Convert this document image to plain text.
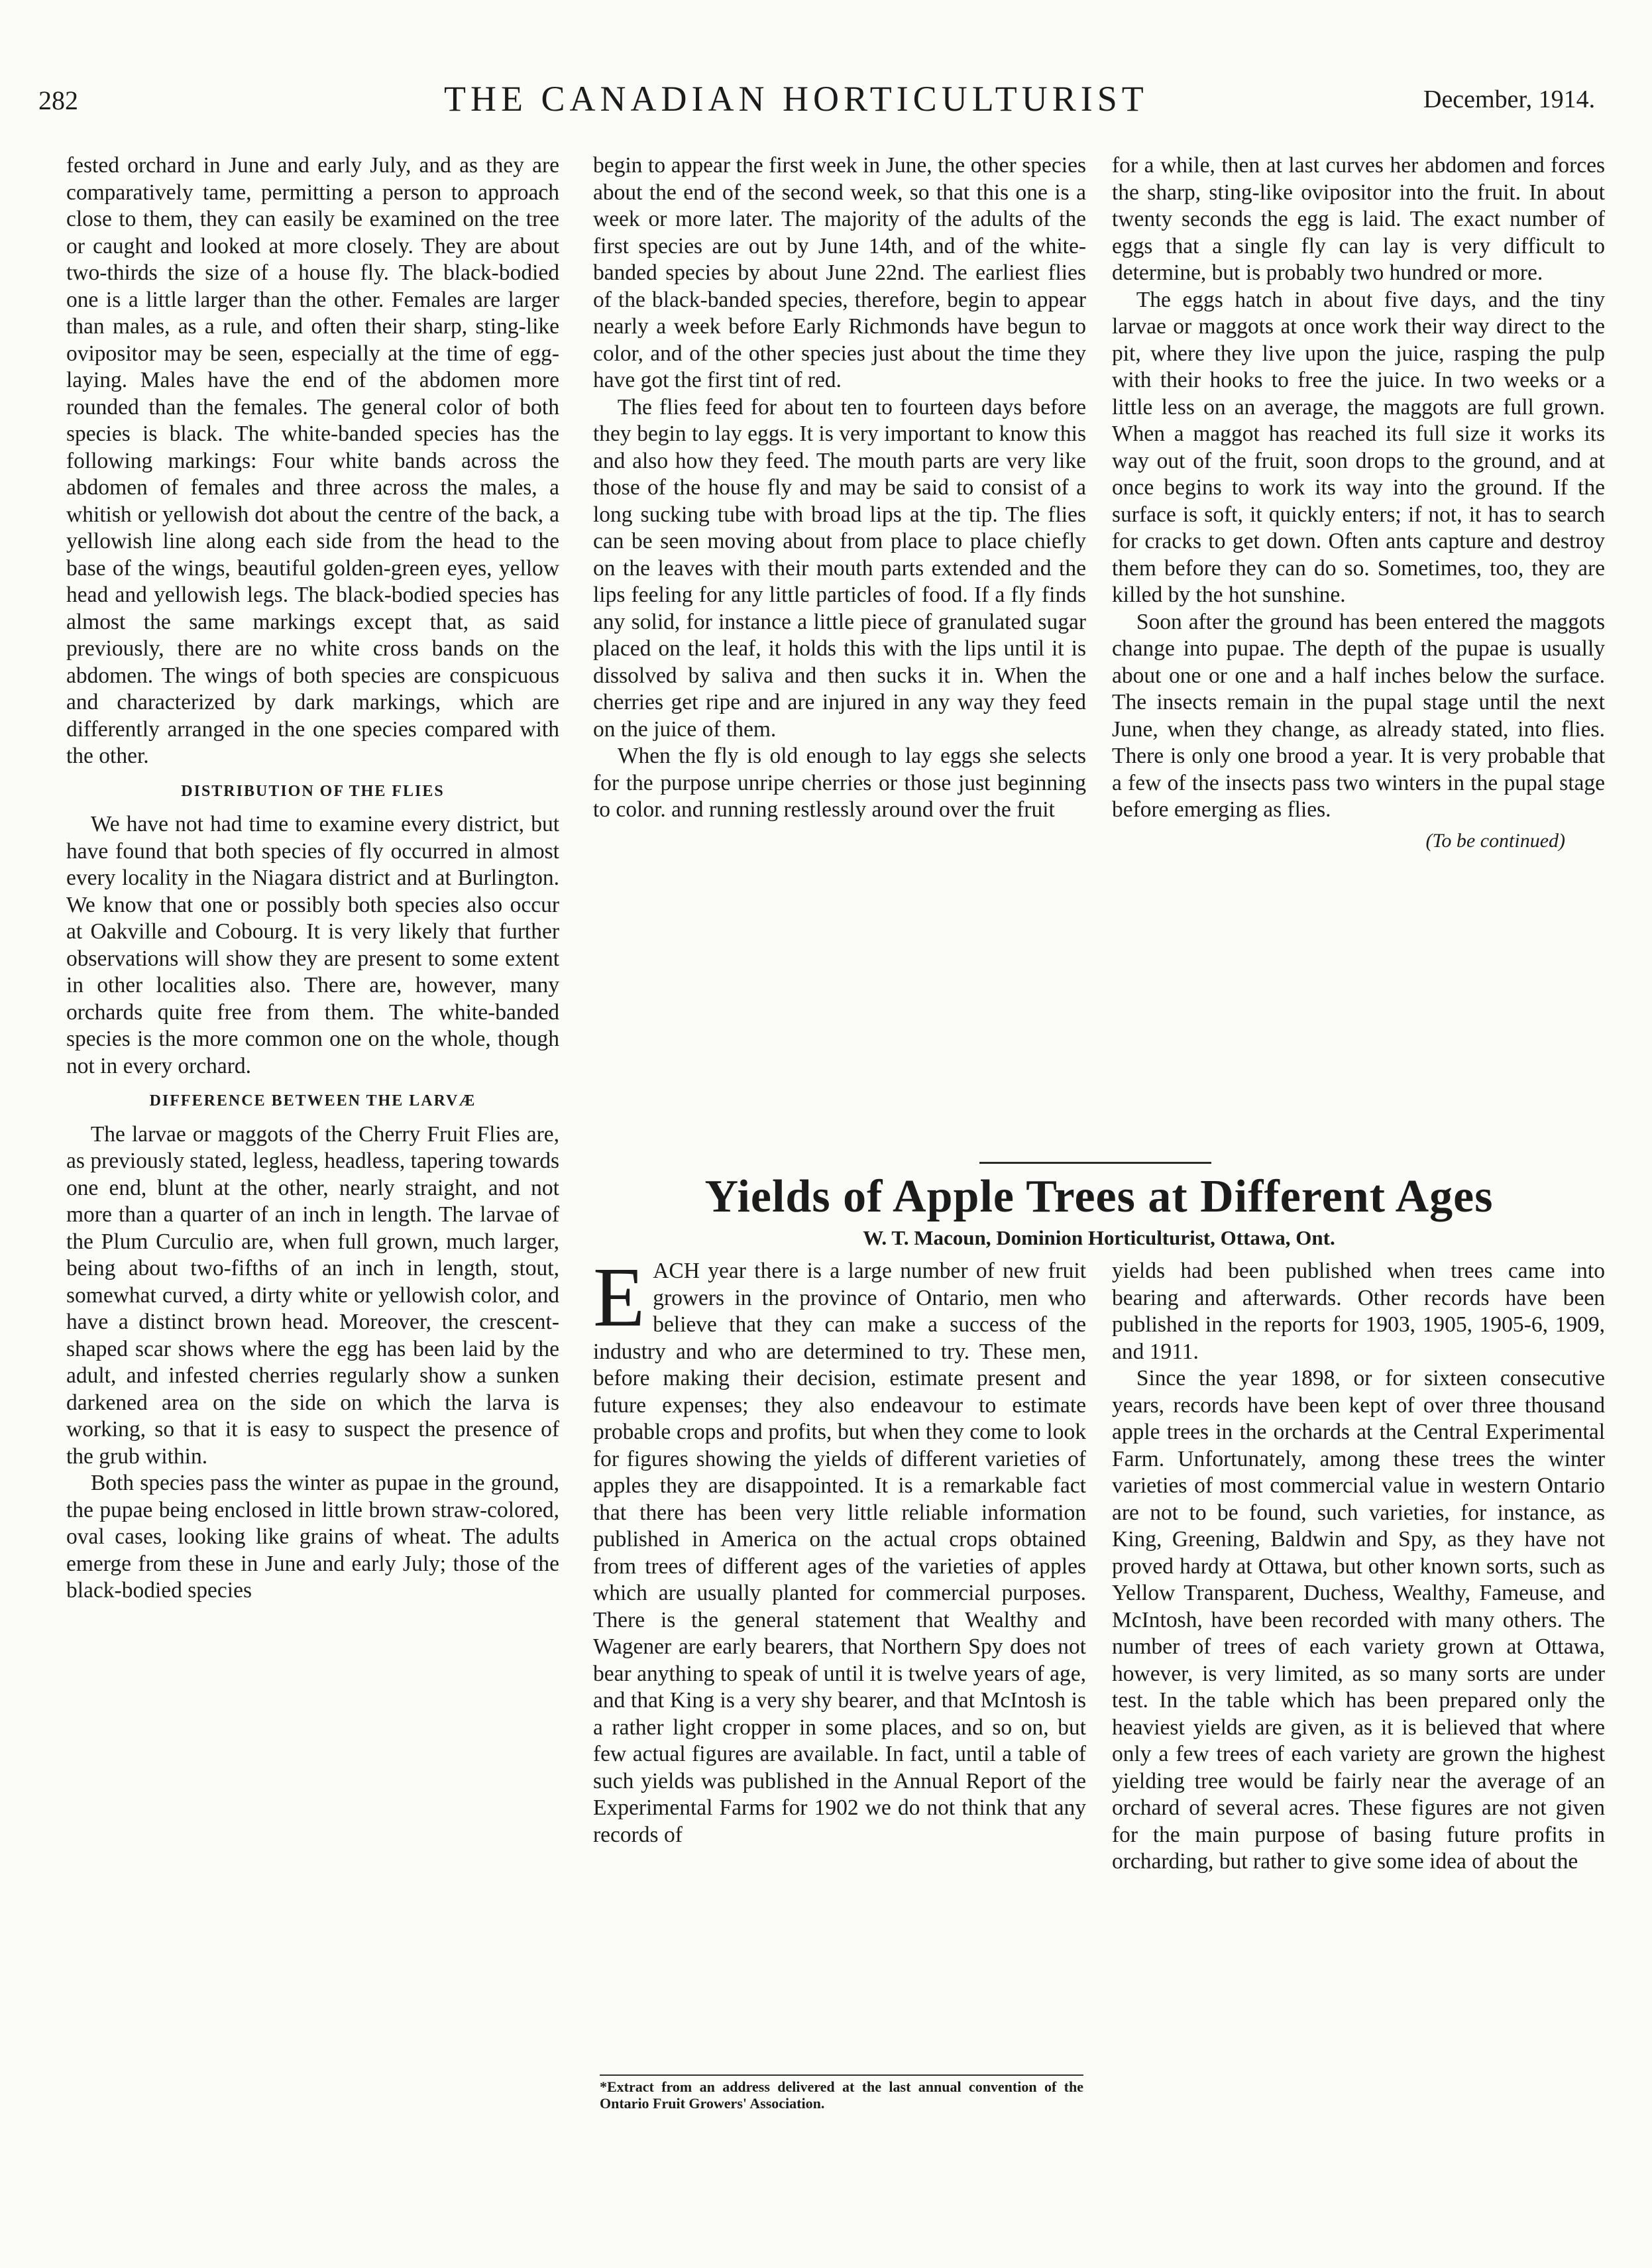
282	THE CANADIAN HORTICULTURIST	December, 1914.

fested orchard in June and early July, and as they are comparatively tame, permitting a person to approach close to them, they can easily be examined on the tree or caught and looked at more closely. They are about two-thirds the size of a house fly. The black-bodied one is a little larger than the other. Females are larger than males, as a rule, and often their sharp, sting-like ovipositor may be seen, especially at the time of egg-laying. Males have the end of the abdomen more rounded than the females. The general color of both species is black. The white-banded species has the following markings: Four white bands across the abdomen of females and three across the males, a whitish or yellowish dot about the centre of the back, a yellowish line along each side from the head to the base of the wings, beautiful golden-green eyes, yellow head and yellowish legs. The black-bodied species has almost the same markings except that, as said previously, there are no white cross bands on the abdomen. The wings of both species are conspicuous and characterized by dark markings, which are differently arranged in the one species compared with the other.

DISTRIBUTION OF THE FLIES

We have not had time to examine every district, but have found that both species of fly occurred in almost every locality in the Niagara district and at Burlington. We know that one or possibly both species also occur at Oakville and Cobourg. It is very likely that further observations will show they are present to some extent in other localities also. There are, however, many orchards quite free from them. The white-banded species is the more common one on the whole, though not in every orchard.

DIFFERENCE BETWEEN THE LARVÆ

The larvae or maggots of the Cherry Fruit Flies are, as previously stated, legless, headless, tapering towards one end, blunt at the other, nearly straight, and not more than a quarter of an inch in length. The larvae of the Plum Curculio are, when full grown, much larger, being about two-fifths of an inch in length, stout, somewhat curved, a dirty white or yellowish color, and have a distinct brown head. Moreover, the crescent-shaped scar shows where the egg has been laid by the adult, and infested cherries regularly show a sunken darkened area on the side on which the larva is working, so that it is easy to suspect the presence of the grub within.

Both species pass the winter as pupae in the ground, the pupae being enclosed in little brown straw-colored, oval cases, looking like grains of wheat. The adults emerge from these in June and early July; those of the black-bodied species

begin to appear the first week in June, the other species about the end of the second week, so that this one is a week or more later. The majority of the adults of the first species are out by June 14th, and of the white-banded species by about June 22nd. The earliest flies of the black-banded species, therefore, begin to appear nearly a week before Early Richmonds have begun to color, and of the other species just about the time they have got the first tint of red.

The flies feed for about ten to fourteen days before they begin to lay eggs. It is very important to know this and also how they feed. The mouth parts are very like those of the house fly and may be said to consist of a long sucking tube with broad lips at the tip. The flies can be seen moving about from place to place chiefly on the leaves with their mouth parts extended and the lips feeling for any little particles of food. If a fly finds any solid, for instance a little piece of granulated sugar placed on the leaf, it holds this with the lips until it is dissolved by saliva and then sucks it in. When the cherries get ripe and are injured in any way they feed on the juice of them.

When the fly is old enough to lay eggs she selects for the purpose unripe cherries or those just beginning to color. and running restlessly around over the fruit

for a while, then at last curves her abdomen and forces the sharp, sting-like ovipositor into the fruit. In about twenty seconds the egg is laid. The exact number of eggs that a single fly can lay is very difficult to determine, but is probably two hundred or more.

The eggs hatch in about five days, and the tiny larvae or maggots at once work their way direct to the pit, where they live upon the juice, rasping the pulp with their hooks to free the juice. In two weeks or a little less on an average, the maggots are full grown. When a maggot has reached its full size it works its way out of the fruit, soon drops to the ground, and at once begins to work its way into the ground. If the surface is soft, it quickly enters; if not, it has to search for cracks to get down. Often ants capture and destroy them before they can do so. Sometimes, too, they are killed by the hot sunshine.

Soon after the ground has been entered the maggots change into pupae. The depth of the pupae is usually about one or one and a half inches below the surface. The insects remain in the pupal stage until the next June, when they change, as already stated, into flies. There is only one brood a year. It is very probable that a few of the insects pass two winters in the pupal stage before emerging as flies.

(To be continued)
Yields of Apple Trees at Different Ages
W. T. Macoun, Dominion Horticulturist, Ottawa, Ont.

EACH year there is a large number of new fruit growers in the province of Ontario, men who believe that they can make a success of the industry and who are determined to try. These men, before making their decision, estimate present and future expenses; they also endeavour to estimate probable crops and profits, but when they come to look for figures showing the yields of different varieties of apples they are disappointed. It is a remarkable fact that there has been very little reliable information published in America on the actual crops obtained from trees of different ages of the varieties of apples which are usually planted for commercial purposes. There is the general statement that Wealthy and Wagener are early bearers, that Northern Spy does not bear anything to speak of until it is twelve years of age, and that King is a very shy bearer, and that McIntosh is a rather light cropper in some places, and so on, but few actual figures are available. In fact, until a table of such yields was published in the Annual Report of the Experimental Farms for 1902 we do not think that any records of

*Extract from an address delivered at the last annual convention of the Ontario Fruit Growers' Association.

yields had been published when trees came into bearing and afterwards. Other records have been published in the reports for 1903, 1905, 1905-6, 1909, and 1911.

Since the year 1898, or for sixteen consecutive years, records have been kept of over three thousand apple trees in the orchards at the Central Experimental Farm. Unfortunately, among these trees the winter varieties of most commercial value in western Ontario are not to be found, such varieties, for instance, as King, Greening, Baldwin and Spy, as they have not proved hardy at Ottawa, but other known sorts, such as Yellow Transparent, Duchess, Wealthy, Fameuse, and McIntosh, have been recorded with many others. The number of trees of each variety grown at Ottawa, however, is very limited, as so many sorts are under test. In the table which has been prepared only the heaviest yields are given, as it is believed that where only a few trees of each variety are grown the highest yielding tree would be fairly near the average of an orchard of several acres. These figures are not given for the main purpose of basing future profits in orcharding, but rather to give some idea of about the
